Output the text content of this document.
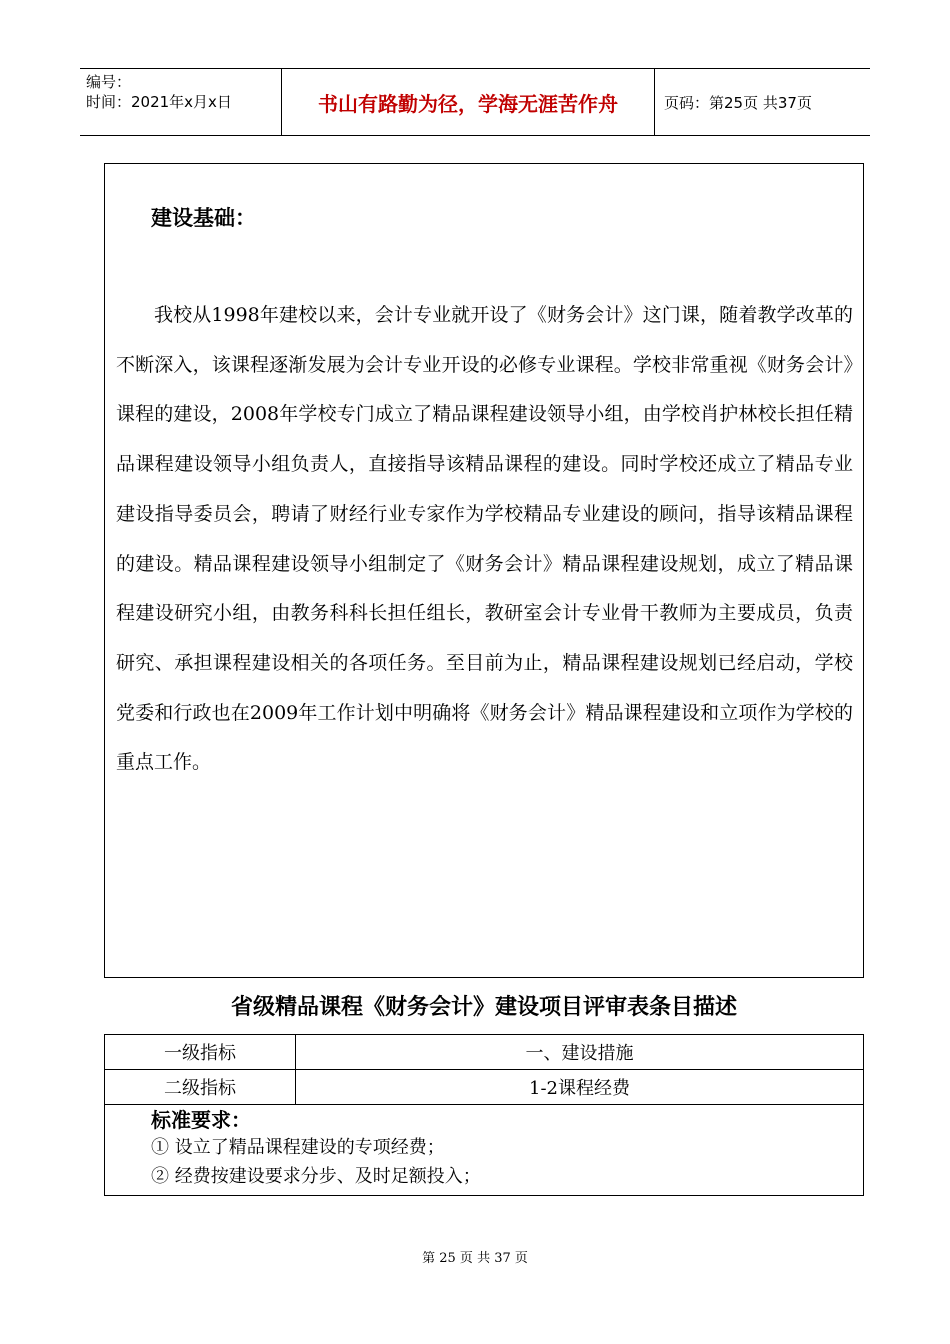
编号：
时间：2021年x月x日	书山有路勤为径，学海无涯苦作舟	页码：第25页 共37页
建设基础：

我校从1998年建校以来，会计专业就开设了《财务会计》这门课，随着教学改革的不断深入，该课程逐渐发展为会计专业开设的必修专业课程。学校非常重视《财务会计》课程的建设，2008年学校专门成立了精品课程建设领导小组，由学校肖护林校长担任精品课程建设领导小组负责人，直接指导该精品课程的建设。同时学校还成立了精品专业建设指导委员会，聘请了财经行业专家作为学校精品专业建设的顾问，指导该精品课程的建设。精品课程建设领导小组制定了《财务会计》精品课程建设规划，成立了精品课程建设研究小组，由教务科科长担任组长，教研室会计专业骨干教师为主要成员，负责研究、承担课程建设相关的各项任务。至目前为止，精品课程建设规划已经启动，学校党委和行政也在2009年工作计划中明确将《财务会计》精品课程建设和立项作为学校的重点工作。

省级精品课程《财务会计》建设项目评审表条目描述
一级指标	一、建设措施
二级指标	1-2课程经费

标准要求：
① 设立了精品课程建设的专项经费；
② 经费按建设要求分步、及时足额投入；	
第 25 页 共 37 页
